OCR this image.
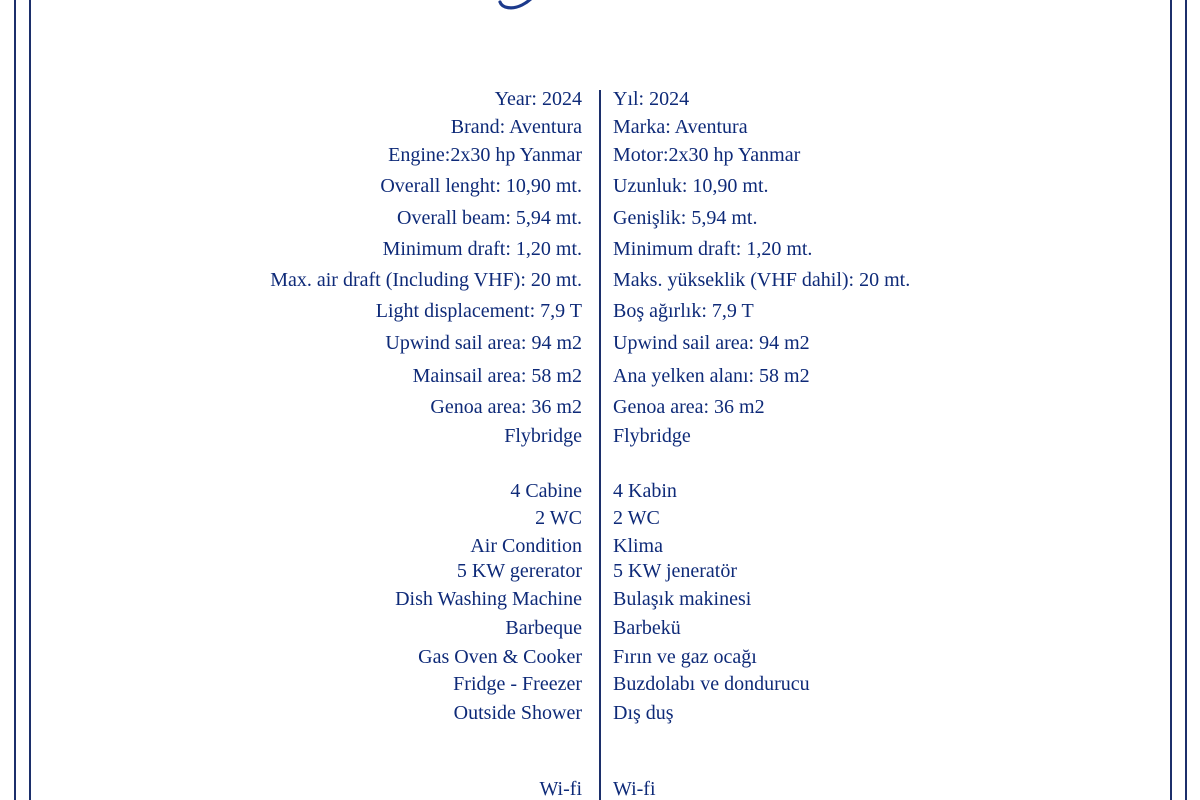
Year: 2024 Yıl: 2024
Brand: Aventura Marka: Aventura
Engine:2x30 hp Yanmar Motor:2x30 hp Yanmar
Overall lenght: 10,90 mt. Uzunluk: 10,90 mt.
Overall beam: 5,94 mt. Genişlik: 5,94 mt.
Minimum draft: 1,20 mt. Minimum draft: 1,20 mt.
Max. air draft (Including VHF): 20 mt. Maks. yükseklik (VHF dahil): 20 mt.
Light displacement: 7,9 T Boş ağırlık: 7,9 T
Upwind sail area: 94 m2 Upwind sail area: 94 m2
Mainsail area: 58 m2 Ana yelken alanı: 58 m2
Genoa area: 36 m2 Genoa area: 36 m2
Flybridge Flybridge
4 Cabine 4 Kabin
2 WC 2 WC
Air Condition Klima
5 KW gererator 5 KW jeneratör
Dish Washing Machine Bulaşık makinesi
Barbeque Barbekü
Gas Oven & Cooker Fırın ve gaz ocağı
Fridge - Freezer Buzdolabı ve dondurucu
Outside Shower Dış duş
Wi-fi Wi-fi
